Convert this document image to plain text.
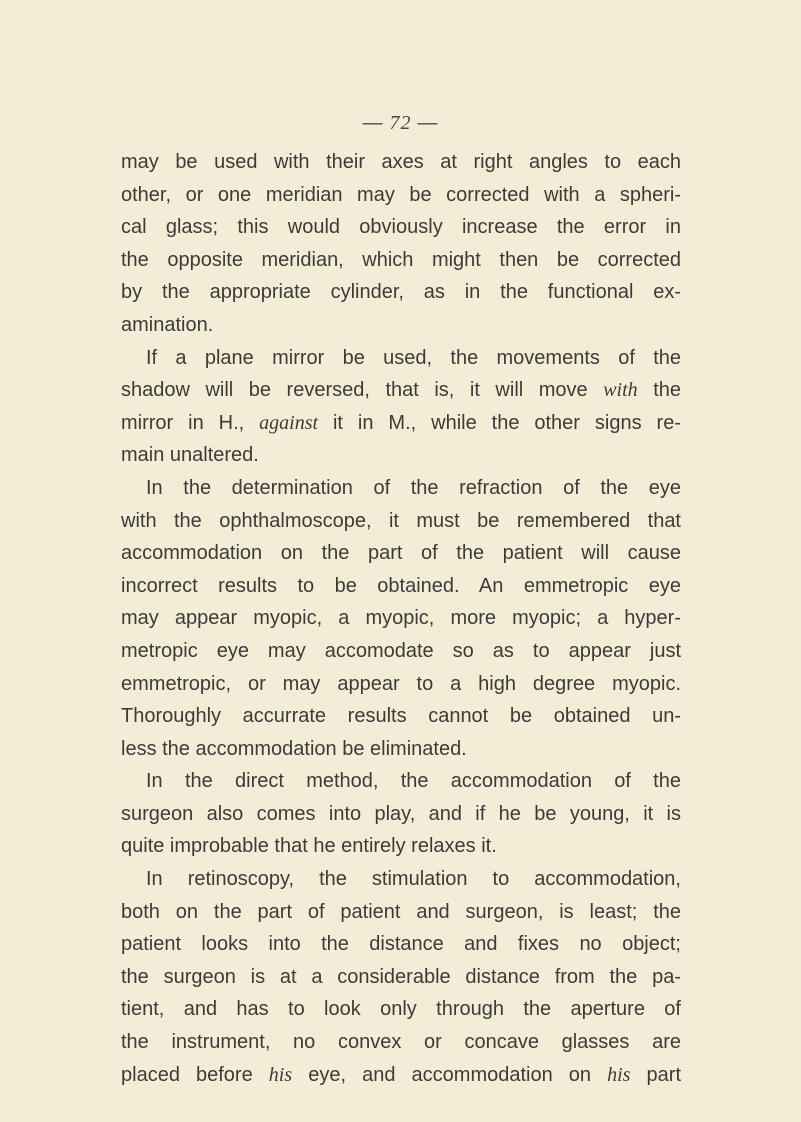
— 72 —
may be used with their axes at right angles to each
other, or one meridian may be corrected with a spheri-
cal glass; this would obviously increase the error in
the opposite meridian, which might then be corrected
by the appropriate cylinder, as in the functional ex-
amination.
If a plane mirror be used, the movements of the
shadow will be reversed, that is, it will move with the
mirror in H., against it in M., while the other signs re-
main unaltered.
In the determination of the refraction of the eye
with the ophthalmoscope, it must be remembered that
accommodation on the part of the patient will cause
incorrect results to be obtained. An emmetropic eye
may appear myopic, a myopic, more myopic; a hyper-
metropic eye may accomodate so as to appear just
emmetropic, or may appear to a high degree myopic.
Thoroughly accurrate results cannot be obtained un-
less the accommodation be eliminated.
In the direct method, the accommodation of the
surgeon also comes into play, and if he be young, it is
quite improbable that he entirely relaxes it.
In retinoscopy, the stimulation to accommodation,
both on the part of patient and surgeon, is least; the
patient looks into the distance and fixes no object;
the surgeon is at a considerable distance from the pa-
tient, and has to look only through the aperture of
the instrument, no convex or concave glasses are
placed before his eye, and accommodation on his part
